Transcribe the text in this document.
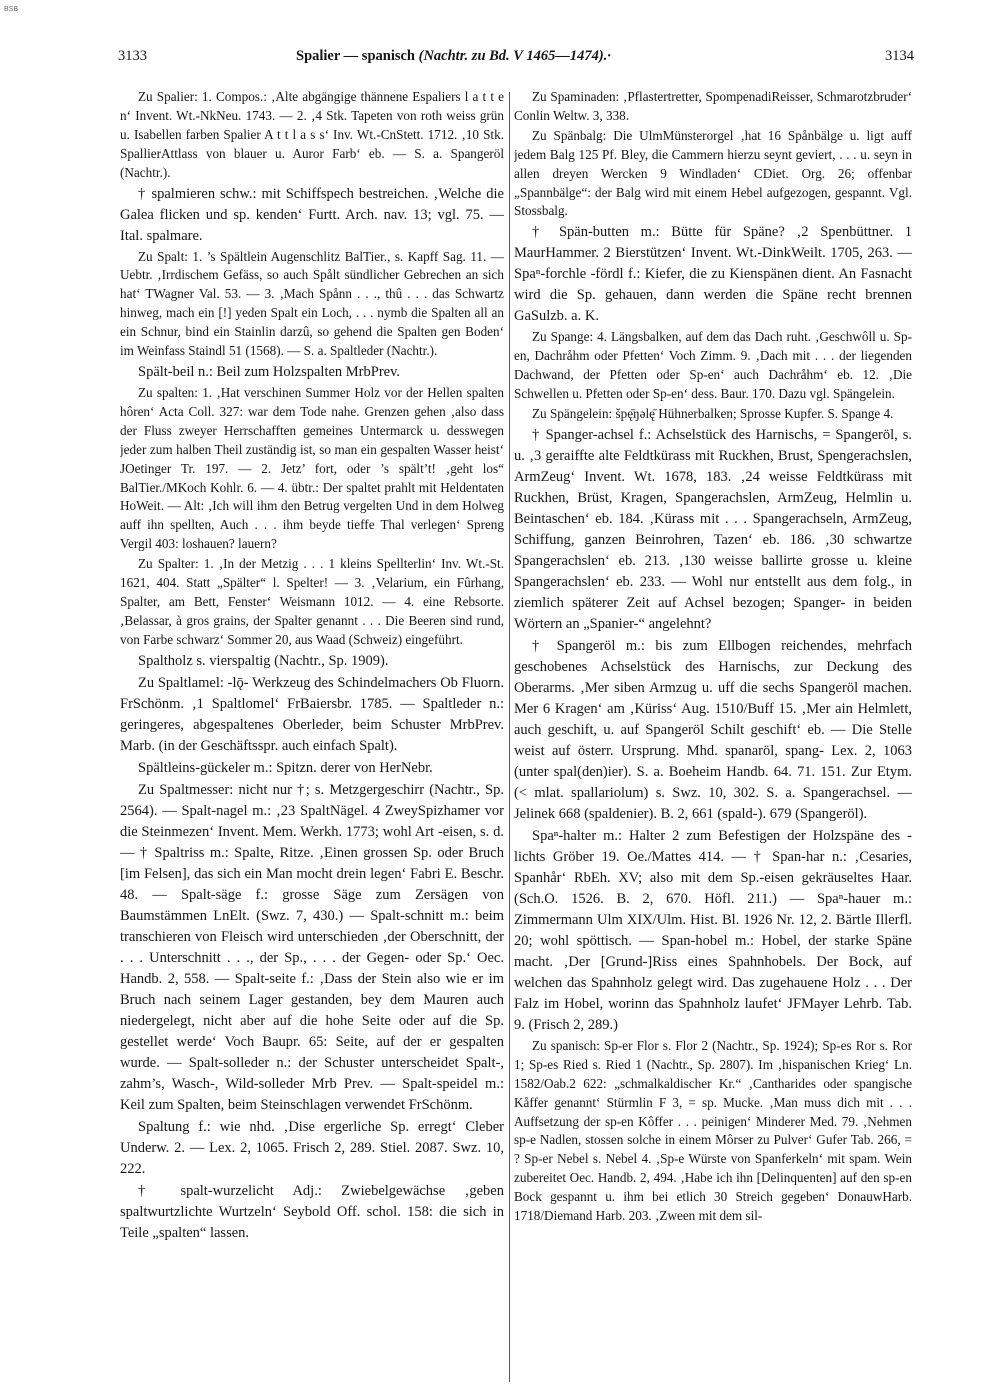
BSB
3133	Spalier — spanisch (Nachtr. zu Bd. V 1465—1474).·	3134

Zu Spalier: 1. Compos.: ‚Alte abgängige thännene Espaliers l a t t e n‘ Invent. Wt.-NkNeu. 1743. — 2. ‚4 Stk. Tapeten von roth weiss grün u. Isabellen farben Spalier A t t l a s s‘ Inv. Wt.-CnStett. 1712. ‚10 Stk. SpallierAttlass von blauer u. Auror Farb‘ eb. — S. a. Spangeröl (Nachtr.).

† spalmieren schw.: mit Schiffspech bestreichen. ‚Welche die Galea flicken und sp. kenden‘ Furtt. Arch. nav. 13; vgl. 75. — Ital. spalmare.

Zu Spalt: 1. ’s Spältlein Augenschlitz BalTier., s. Kapff Sag. 11. — Uebtr. ‚Irrdischem Gefäss, so auch Spålt sündlicher Gebrechen an sich hat‘ TWagner Val. 53. — 3. ‚Mach Spånn . . ., thû . . . das Schwartz hinweg, mach ein [!] yeden Spalt ein Loch, . . . nymb die Spalten all an ein Schnur, bind ein Stainlin darzû, so gehend die Spalten gen Boden‘ im Weinfass Staindl 51 (1568). — S. a. Spaltleder (Nachtr.).

Spält-beil n.: Beil zum Holzspalten MrbPrev.

Zu spalten: 1. ‚Hat verschinen Summer Holz vor der Hellen spalten hôren‘ Acta Coll. 327: war dem Tode nahe. Grenzen gehen ‚also dass der Fluss zweyer Herrschafften gemeines Untermarck u. desswegen jeder zum halben Theil zuständig ist, so man ein gespalten Wasser heist‘ JOetinger Tr. 197. — 2. Jetz’ fort, oder ’s spält’t! ‚geht los“ BalTier./MKoch Kohlr. 6. — 4. übtr.: Der spaltet prahlt mit Heldentaten HoWeit. — Alt: ‚Ich will ihm den Betrug vergelten Und in dem Holweg auff ihn spellten, Auch . . . ihm beyde tieffe Thal verlegen‘ Spreng Vergil 403: loshauen? lauern?

Zu Spalter: 1. ‚In der Metzig . . . 1 kleins Spellterlin‘ Inv. Wt.-St. 1621, 404. Statt „Spälter“ l. Spelter! — 3. ‚Velarium, ein Fûrhang, Spalter, am Bett, Fenster‘ Weismann 1012. — 4. eine Rebsorte. ‚Belassar, à gros grains, der Spalter genannt . . . Die Beeren sind rund, von Farbe schwarz‘ Sommer 20, aus Waad (Schweiz) eingeführt.

Spaltholz s. vierspaltig (Nachtr., Sp. 1909).

Zu Spaltlamel: -lǭ- Werkzeug des Schindelmachers Ob Fluorn. FrSchönm. ‚1 Spaltlomel‘ FrBaiersbr. 1785. — Spaltleder n.: geringeres, abgespaltenes Oberleder, beim Schuster MrbPrev. Marb. (in der Geschäftsspr. auch einfach Spalt).

Spältleins-gückeler m.: Spitzn. derer von HerNebr.

Zu Spaltmesser: nicht nur †; s. Metzgergeschirr (Nachtr., Sp. 2564). — Spalt-nagel m.: ‚23 SpaltNägel. 4 ZweySpizhamer vor die Steinmezen‘ Invent. Mem. Werkh. 1773; wohl Art -eisen, s. d. — † Spaltriss m.: Spalte, Ritze. ‚Einen grossen Sp. oder Bruch [im Felsen], das sich ein Man mocht drein legen‘ Fabri E. Beschr. 48. — Spalt-säge f.: grosse Säge zum Zersägen von Baumstämmen LnElt. (Swz. 7, 430.) — Spalt-schnitt m.: beim transchieren von Fleisch wird unterschieden ‚der Oberschnitt, der . . . Unterschnitt . . ., der Sp., . . . der Gegen- oder Sp.‘ Oec. Handb. 2, 558. — Spalt-seite f.: ‚Dass der Stein also wie er im Bruch nach seinem Lager gestanden, bey dem Mauren auch niedergelegt, nicht aber auf die hohe Seite oder auf die Sp. gestellet werde‘ Voch Baupr. 65: Seite, auf der er gespalten wurde. — Spalt-solleder n.: der Schuster unterscheidet Spalt-, zahm’s, Wasch-, Wild-solleder Mrb Prev. — Spalt-speidel m.: Keil zum Spalten, beim Steinschlagen verwendet FrSchönm.

Spaltung f.: wie nhd. ‚Dise ergerliche Sp. erregt‘ Cleber Underw. 2. — Lex. 2, 1065. Frisch 2, 289. Stiel. 2087. Swz. 10, 222.

† spalt-wurzelicht Adj.: Zwiebelgewächse ‚geben spaltwurtzlichte Wurtzeln‘ Seybold Off. schol. 158: die sich in Teile „spalten“ lassen.

Zu Spaminaden: ‚Pflastertretter, SpompenadiReisser, Schmarotzbruder‘ Conlin Weltw. 3, 338.

Zu Spänbalg: Die UlmMünsterorgel ‚hat 16 Spånbälge u. ligt auff jedem Balg 125 Pf. Bley, die Cammern hierzu seynt geviert, . . . u. seyn in allen dreyen Wercken 9 Windladen‘ CDiet. Org. 26; offenbar „Spannbälge“: der Balg wird mit einem Hebel aufgezogen, gespannt. Vgl. Stossbalg.

† Spän-butten m.: Bütte für Späne? ‚2 Spenbüttner. 1 MaurHammer. 2 Bierstützen‘ Invent. Wt.-DinkWeilt. 1705, 263. — Spaⁿ-forchle -fördl f.: Kiefer, die zu Kienspänen dient. An Fasnacht wird die Sp. gehauen, dann werden die Späne recht brennen GaSulzb. a. K.

Zu Spange: 4. Längsbalken, auf dem das Dach ruht. ‚Geschwôll u. Sp-en, Dachråhm oder Pfetten‘ Voch Zimm. 9. ‚Dach mit . . . der liegenden Dachwand, der Pfetten oder Sp-en‘ auch Dachråhm‘ eb. 12. ‚Die Schwellen u. Pfetten oder Sp-en‘ dess. Baur. 170. Dazu vgl. Spängelein.

Zu Spängelein: špę̄ŋəlę̄ Hühnerbalken; Sprosse Kupfer. S. Spange 4.

† Spanger-achsel f.: Achselstück des Harnischs, = Spangeröl, s. u. ‚3 geraiffte alte Feldtkürass mit Ruckhen, Brust, Spengerachslen, ArmZeug‘ Invent. Wt. 1678, 183. ‚24 weisse Feldtkürass mit Ruckhen, Brüst, Kragen, Spangerachslen, ArmZeug, Helmlin u. Beintaschen‘ eb. 184. ‚Kürass mit . . . Spangerachseln, ArmZeug, Schiffung, ganzen Beinrohren, Tazen‘ eb. 186. ‚30 schwartze Spangerachslen‘ eb. 213. ‚130 weisse ballirte grosse u. kleine Spangerachslen‘ eb. 233. — Wohl nur entstellt aus dem folg., in ziemlich späterer Zeit auf Achsel bezogen; Spanger- in beiden Wörtern an „Spanier-“ angelehnt?

† Spangeröl m.: bis zum Ellbogen reichendes, mehrfach geschobenes Achselstück des Harnischs, zur Deckung des Oberarms. ‚Mer siben Armzug u. uff die sechs Spangeröl machen. Mer 6 Kragen‘ am ‚Küriss‘ Aug. 1510/Buff 15. ‚Mer ain Helmlett, auch geschift, u. auf Spangeröl Schilt geschift‘ eb. — Die Stelle weist auf österr. Ursprung. Mhd. spanaröl, spang- Lex. 2, 1063 (unter spal(den)ier). S. a. Boeheim Handb. 64. 71. 151. Zur Etym. (< mlat. spallariolum) s. Swz. 10, 302. S. a. Spangerachsel. — Jelinek 668 (spaldenier). B. 2, 661 (spald-). 679 (Spangeröl).

Spaⁿ-halter m.: Halter 2 zum Befestigen der Holzspäne des -lichts Gröber 19. Oe./Mattes 414. — † Span-har n.: ‚Cesaries, Spanhår‘ RbEh. XV; also mit dem Sp.-eisen gekräuseltes Haar. (Sch.O. 1526. B. 2, 670. Höfl. 211.) — Spaⁿ-hauer m.: Zimmermann Ulm XIX/Ulm. Hist. Bl. 1926 Nr. 12, 2. Bärtle Illerfl. 20; wohl spöttisch. — Span-hobel m.: Hobel, der starke Späne macht. ‚Der [Grund-]Riss eines Spahnhobels. Der Bock, auf welchen das Spahnholz gelegt wird. Das zugehauene Holz . . . Der Falz im Hobel, worinn das Spahnholz laufet‘ JFMayer Lehrb. Tab. 9. (Frisch 2, 289.)

Zu spanisch: Sp-er Flor s. Flor 2 (Nachtr., Sp. 1924); Sp-es Ror s. Ror 1; Sp-es Ried s. Ried 1 (Nachtr., Sp. 2807). Im ‚hispanischen Krieg‘ Ln. 1582/Oab.2 622: „schmalkaldischer Kr.“ ‚Cantharides oder spangische Kåffer genannt‘ Stürmlin F 3, = sp. Mucke. ‚Man muss dich mit . . . Auffsetzung der sp-en Kôffer . . . peinigen‘ Minderer Med. 79. ‚Nehmen sp-e Nadlen, stossen solche in einem Môrser zu Pulver‘ Gufer Tab. 266, = ? Sp-er Nebel s. Nebel 4. ‚Sp-e Würste von Spanferkeln‘ mit spam. Wein zubereitet Oec. Handb. 2, 494. ‚Habe ich ihn [Delinquenten] auf den sp-en Bock gespannt u. ihm bei etlich 30 Streich gegeben‘ DonauwHarb. 1718/Diemand Harb. 203. ‚Zween mit dem sil-
